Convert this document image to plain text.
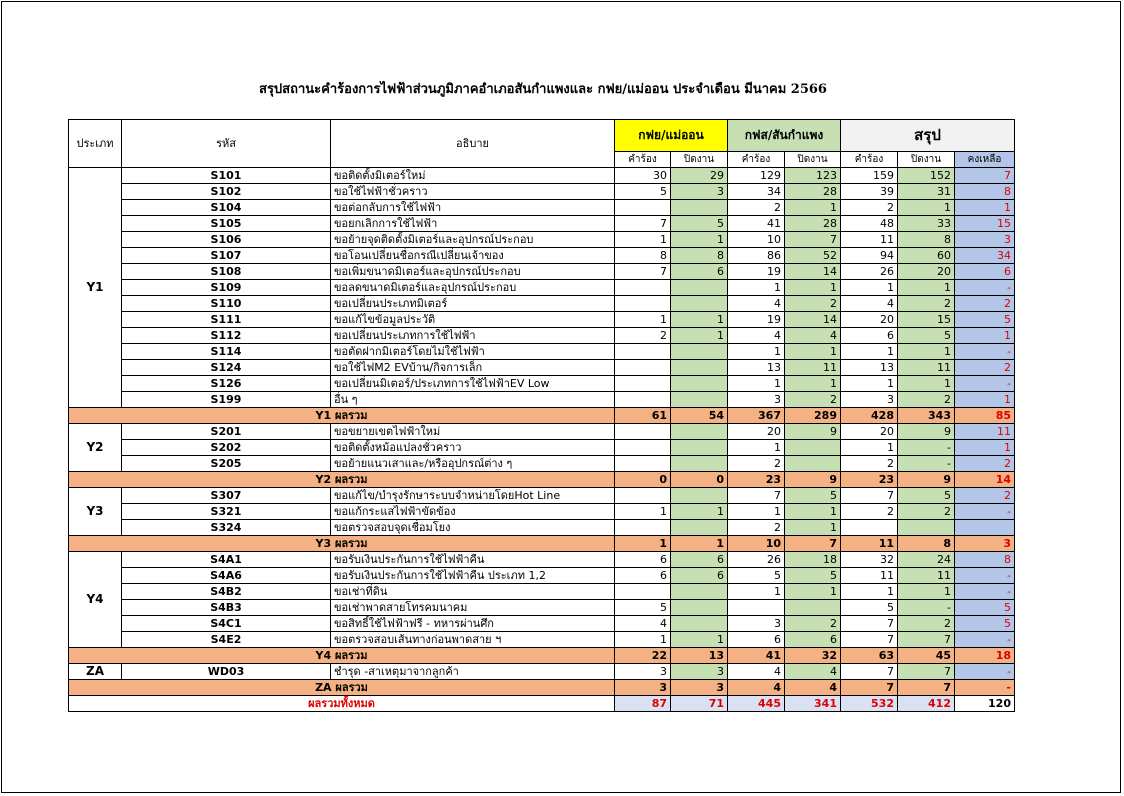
สรุปสถานะคำร้องการไฟฟ้าส่วนภูมิภาคอำเภอสันกำแพงและ กฟย/แม่ออน ประจำเดือน มีนาคม 2566
ประเภท	รหัส	อธิบาย	กฟย/แม่ออน		กฟส/สันกำแพง		สรุป		
			คำร้อง	ปิดงาน	คำร้อง	ปิดงาน	คำร้อง	ปิดงาน	คงเหลือ
Y1	S101	ขอติดตั้งมิเตอร์ใหม่	30	29	129	123	159	152	7
	S102	ขอใช้ไฟฟ้าชั่วคราว	5	3	34	28	39	31	8
	S104	ขอต่อกลับการใช้ไฟฟ้า			2	1	2	1	1
	S105	ขอยกเลิกการใช้ไฟฟ้า	7	5	41	28	48	33	15
	S106	ขอย้ายจุดติดตั้งมิเตอร์และอุปกรณ์ประกอบ	1	1	10	7	11	8	3
	S107	ขอโอนเปลี่ยนชื่อกรณีเปลี่ยนเจ้าของ	8	8	86	52	94	60	34
	S108	ขอเพิ่มขนาดมิเตอร์และอุปกรณ์ประกอบ	7	6	19	14	26	20	6
	S109	ขอลดขนาดมิเตอร์และอุปกรณ์ประกอบ			1	1	1	1	-
	S110	ขอเปลี่ยนประเภทมิเตอร์			4	2	4	2	2
	S111	ขอแก้ไขข้อมูลประวัติ	1	1	19	14	20	15	5
	S112	ขอเปลี่ยนประเภทการใช้ไฟฟ้า	2	1	4	4	6	5	1
	S114	ขอตัดฝากมิเตอร์โดยไม่ใช้ไฟฟ้า			1	1	1	1	-
	S124	ขอใช้ไฟM2 EVบ้าน/กิจการเล็ก			13	11	13	11	2
	S126	ขอเปลี่ยนมิเตอร์/ประเภทการใช้ไฟฟ้าEV Low			1	1	1	1	-
	S199	อื่น ๆ			3	2	3	2	1
Y1 ผลรวม			61	54	367	289	428	343	85
Y2	S201	ขอขยายเขตไฟฟ้าใหม่			20	9	20	9	11
	S202	ขอติดตั้งหม้อแปลงชั่วคราว			1		1	-	1
	S205	ขอย้ายแนวเสาและ/หรืออุปกรณ์ต่าง ๆ			2		2	-	2
Y2 ผลรวม			0	0	23	9	23	9	14
Y3	S307	ขอแก้ไข/บำรุงรักษาระบบจำหน่ายโดยHot Line			7	5	7	5	2
	S321	ขอแก้กระแสไฟฟ้าขัดข้อง	1	1	1	1	2	2	-
	S324	ขอตรวจสอบจุดเชื่อมโยง			2	1			
Y3 ผลรวม			1	1	10	7	11	8	3
Y4	S4A1	ขอรับเงินประกันการใช้ไฟฟ้าคืน	6	6	26	18	32	24	8
	S4A6	ขอรับเงินประกันการใช้ไฟฟ้าคืน ประเภท 1,2	6	6	5	5	11	11	-
	S4B2	ขอเช่าที่ดิน			1	1	1	1	-
	S4B3	ขอเช่าพาดสายโทรคมนาคม	5				5	-	5
	S4C1	ขอสิทธิ์ใช้ไฟฟ้าฟรี - ทหารผ่านศึก	4		3	2	7	2	5
	S4E2	ขอตรวจสอบเส้นทางก่อนพาดสาย ฯ	1	1	6	6	7	7	-
Y4 ผลรวม			22	13	41	32	63	45	18
ZA	WD03	ชำรุด -สาเหตุมาจากลูกค้า	3	3	4	4	7	7	-
ZA ผลรวม			3	3	4	4	7	7	-
ผลรวมทั้งหมด			87	71	445	341	532	412	120
